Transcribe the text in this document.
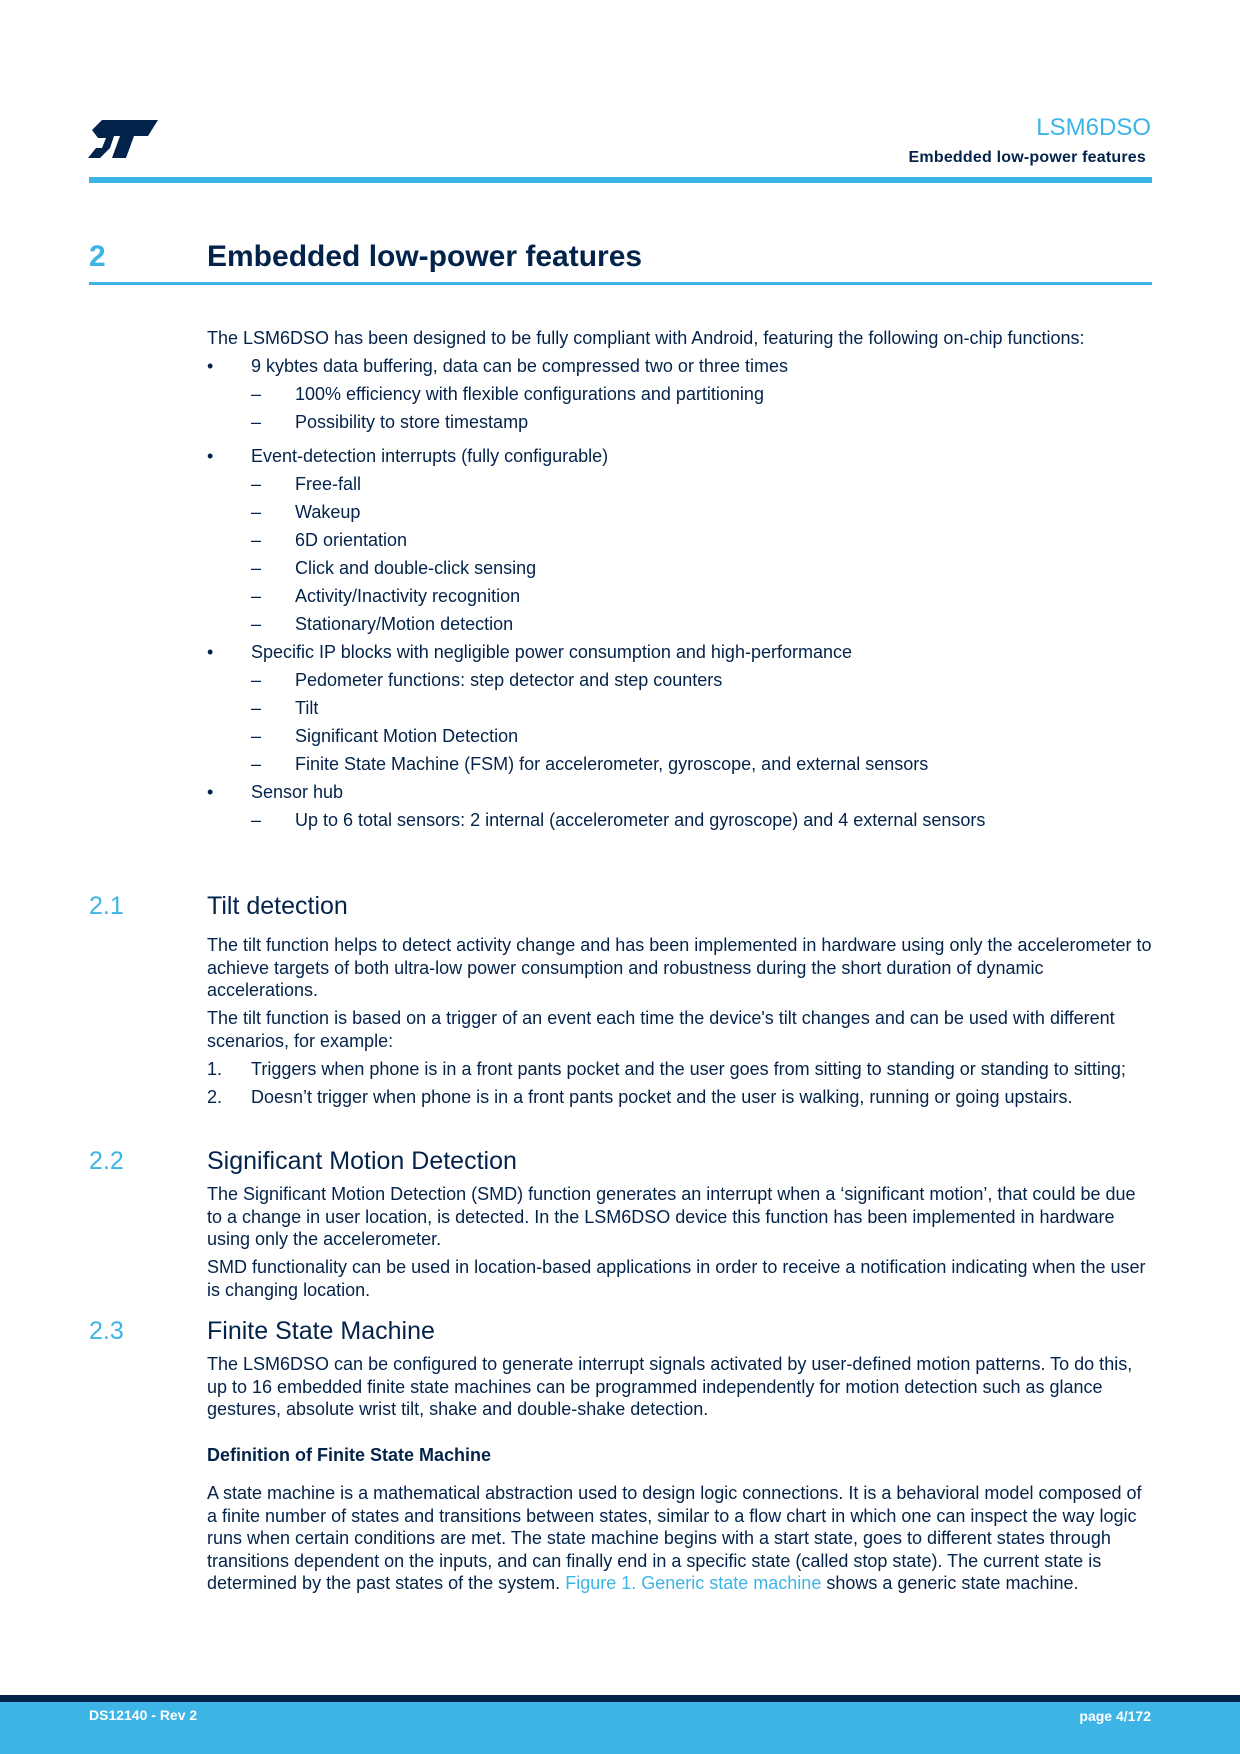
LSM6DSO
Embedded low-power features
2	Embedded low-power features

The LSM6DSO has been designed to be fully compliant with Android, featuring the following on-chip functions:

• 9 kybtes data buffering, data can be compressed two or three times
– 100% efficiency with flexible configurations and partitioning
– Possibility to store timestamp
• Event-detection interrupts (fully configurable)
– Free-fall
– Wakeup
– 6D orientation
– Click and double-click sensing
– Activity/Inactivity recognition
– Stationary/Motion detection
• Specific IP blocks with negligible power consumption and high-performance
– Pedometer functions: step detector and step counters
– Tilt
– Significant Motion Detection
– Finite State Machine (FSM) for accelerometer, gyroscope, and external sensors
• Sensor hub
– Up to 6 total sensors: 2 internal (accelerometer and gyroscope) and 4 external sensors
2.1	Tilt detection

The tilt function helps to detect activity change and has been implemented in hardware using only the accelerometer to achieve targets of both ultra-low power consumption and robustness during the short duration of dynamic accelerations.

The tilt function is based on a trigger of an event each time the device's tilt changes and can be used with different scenarios, for example:

1. Triggers when phone is in a front pants pocket and the user goes from sitting to standing or standing to sitting;
2. Doesn’t trigger when phone is in a front pants pocket and the user is walking, running or going upstairs.
2.2	Significant Motion Detection

The Significant Motion Detection (SMD) function generates an interrupt when a ‘significant motion’, that could be due to a change in user location, is detected. In the LSM6DSO device this function has been implemented in hardware using only the accelerometer.

SMD functionality can be used in location-based applications in order to receive a notification indicating when the user is changing location.

2.3	Finite State Machine

The LSM6DSO can be configured to generate interrupt signals activated by user-defined motion patterns. To do this, up to 16 embedded finite state machines can be programmed independently for motion detection such as glance gestures, absolute wrist tilt, shake and double-shake detection.

Definition of Finite State Machine

A state machine is a mathematical abstraction used to design logic connections. It is a behavioral model composed of a finite number of states and transitions between states, similar to a flow chart in which one can inspect the way logic runs when certain conditions are met. The state machine begins with a start state, goes to different states through transitions dependent on the inputs, and can finally end in a specific state (called stop state). The current state is determined by the past states of the system. Figure 1. Generic state machine shows a generic state machine.

DS12140 - Rev 2	page 4/172
